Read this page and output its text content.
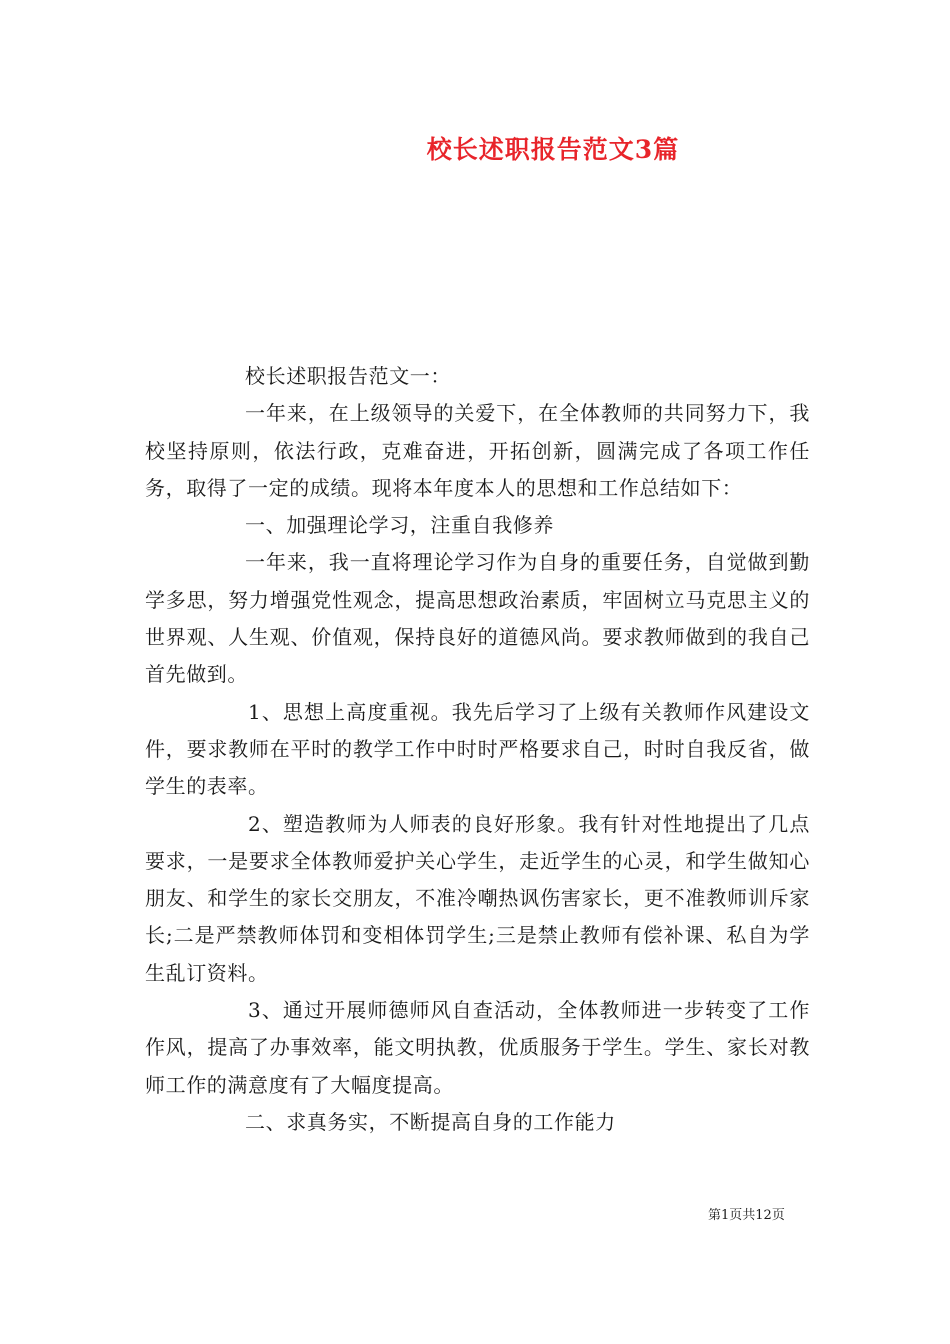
校长述职报告范文3篇

校长述职报告范文一：

一年来，在上级领导的关爱下，在全体教师的共同努力下，我校坚持原则，依法行政，克难奋进，开拓创新，圆满完成了各项工作任务，取得了一定的成绩。现将本年度本人的思想和工作总结如下：

一、加强理论学习，注重自我修养

一年来，我一直将理论学习作为自身的重要任务，自觉做到勤学多思，努力增强党性观念，提高思想政治素质，牢固树立马克思主义的世界观、人生观、价值观，保持良好的道德风尚。要求教师做到的我自己首先做到。

1、思想上高度重视。我先后学习了上级有关教师作风建设文件，要求教师在平时的教学工作中时时严格要求自己，时时自我反省，做学生的表率。

2、塑造教师为人师表的良好形象。我有针对性地提出了几点要求，一是要求全体教师爱护关心学生，走近学生的心灵，和学生做知心朋友、和学生的家长交朋友，不准冷嘲热讽伤害家长，更不准教师训斥家长;二是严禁教师体罚和变相体罚学生;三是禁止教师有偿补课、私自为学生乱订资料。

3、通过开展师德师风自查活动，全体教师进一步转变了工作作风，提高了办事效率，能文明执教，优质服务于学生。学生、家长对教师工作的满意度有了大幅度提高。

二、求真务实，不断提高自身的工作能力

第1页共12页
